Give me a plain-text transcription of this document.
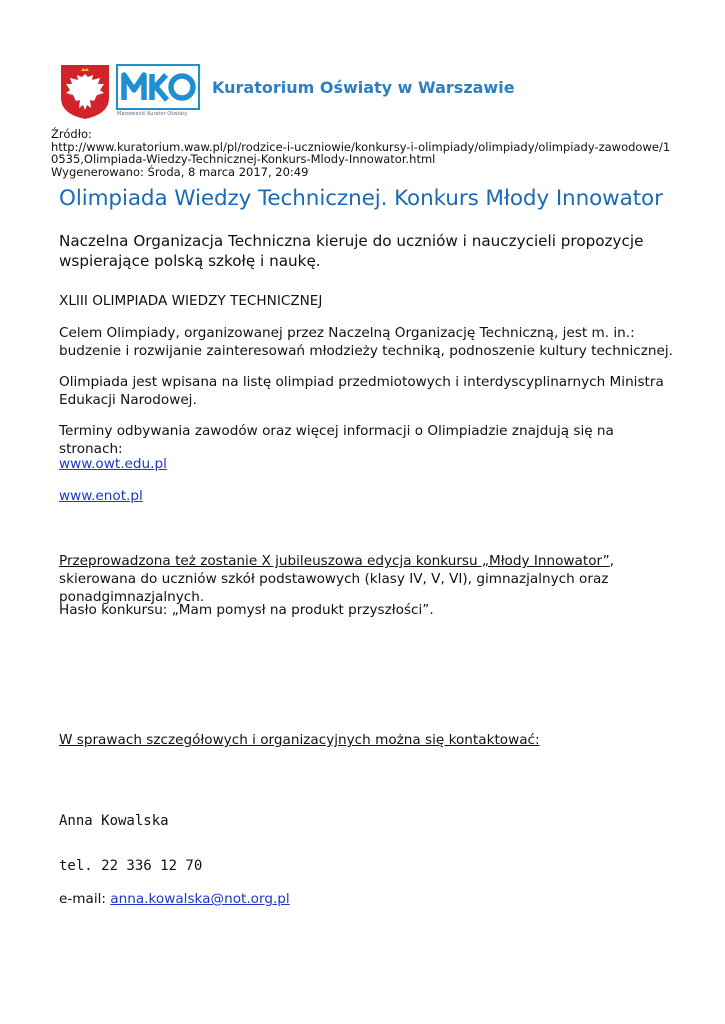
Mazowiecki Kurator Oświaty
Kuratorium Oświaty w Warszawie
Źródło:
http://www.kuratorium.waw.pl/pl/rodzice-i-uczniowie/konkursy-i-olimpiady/olimpiady/olimpiady-zawodowe/1
0535,Olimpiada-Wiedzy-Technicznej-Konkurs-Mlody-Innowator.html
Wygenerowano: Środa, 8 marca 2017, 20:49
Olimpiada Wiedzy Technicznej. Konkurs Młody Innowator
Naczelna Organizacja Techniczna kieruje do uczniów i nauczycieli propozycje wspierające polską szkołę i naukę.
XLIII OLIMPIADA WIEDZY TECHNICZNEJ
Celem Olimpiady, organizowanej przez Naczelną Organizację Techniczną, jest m. in.: budzenie i rozwijanie zainteresowań młodzieży techniką, podnoszenie kultury technicznej.
Olimpiada jest wpisana na listę olimpiad przedmiotowych i interdyscyplinarnych Ministra Edukacji Narodowej.
Terminy odbywania zawodów oraz więcej informacji o Olimpiadzie znajdują się na stronach:
www.owt.edu.pl
www.enot.pl
Przeprowadzona też zostanie X jubileuszowa edycja konkursu „Młody Innowator”, skierowana do uczniów szkół podstawowych (klasy IV, V, VI), gimnazjalnych oraz ponadgimnazjalnych.
Hasło konkursu: „Mam pomysł na produkt przyszłości”.
W sprawach szczegółowych i organizacyjnych można się kontaktować:
Anna Kowalska
tel. 22 336 12 70
e-mail: anna.kowalska@not.org.pl
